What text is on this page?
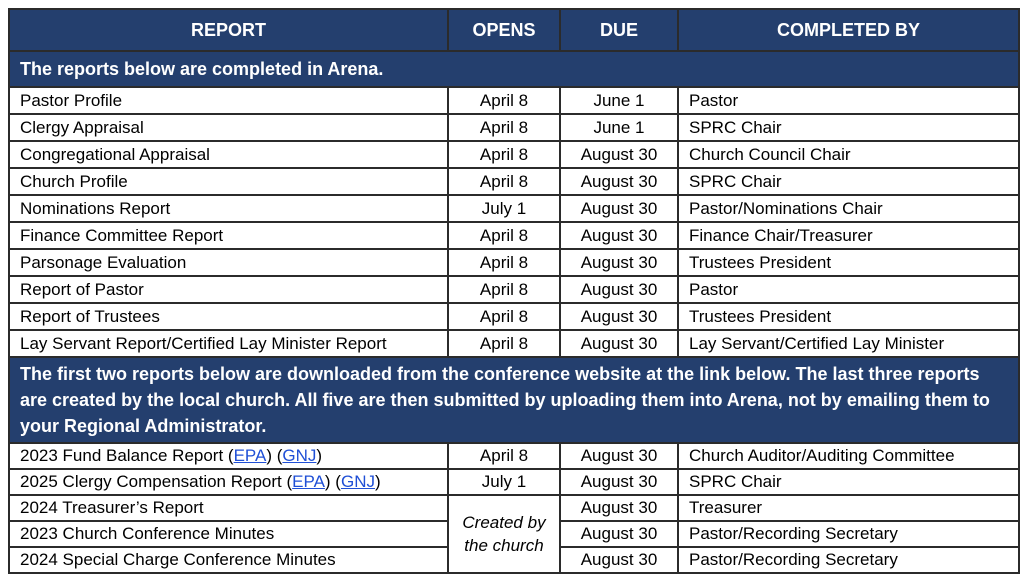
REPORT	OPENS	DUE	COMPLETED BY
The reports below are completed in Arena.			
Pastor Profile	April 8	June 1	Pastor
Clergy Appraisal	April 8	June 1	SPRC Chair
Congregational Appraisal	April 8	August 30	Church Council Chair
Church Profile	April 8	August 30	SPRC Chair
Nominations Report	July 1	August 30	Pastor/Nominations Chair
Finance Committee Report	April 8	August 30	Finance Chair/Treasurer
Parsonage Evaluation	April 8	August 30	Trustees President
Report of Pastor	April 8	August 30	Pastor
Report of Trustees	April 8	August 30	Trustees President
Lay Servant Report/Certified Lay Minister Report	April 8	August 30	Lay Servant/Certified Lay Minister
The first two reports below are downloaded from the conference website at the link below. The last three reports are created by the local church. All five are then submitted by uploading them into Arena, not by emailing them to your Regional Administrator.			
2023 Fund Balance Report (EPA) (GNJ)	April 8	August 30	Church Auditor/Auditing Committee
2025 Clergy Compensation Report (EPA) (GNJ)	July 1	August 30	SPRC Chair
2024 Treasurer’s Report	Created by the church	August 30	Treasurer
2023 Church Conference Minutes		August 30	Pastor/Recording Secretary
2024 Special Charge Conference Minutes		August 30	Pastor/Recording Secretary
